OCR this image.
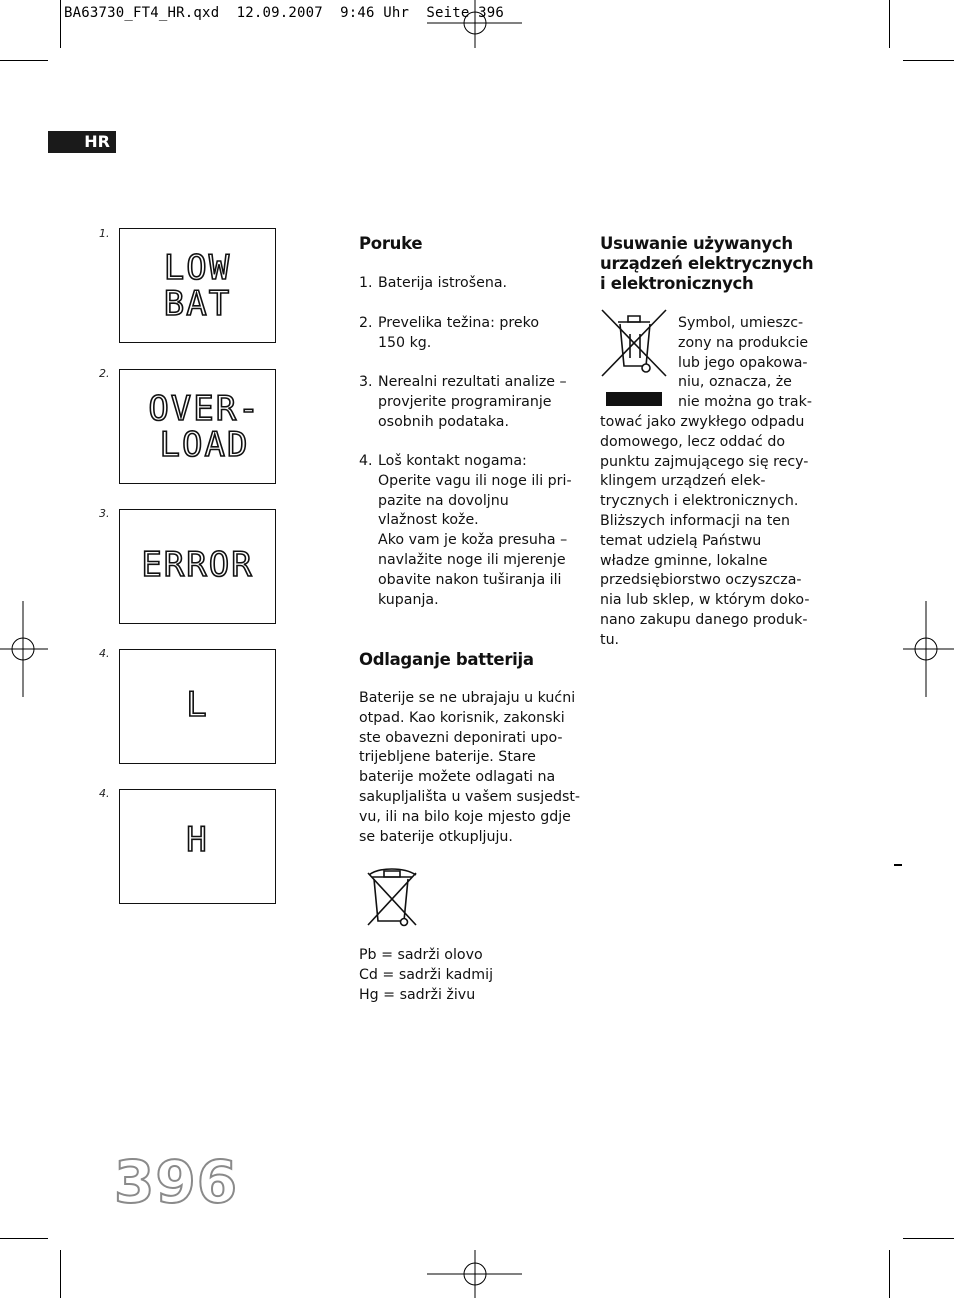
BA63730_FT4_HR.qxd  12.09.2007  9:46 Uhr  Seite 396
HR
1.
LOW
BAT
2.
OVER-
LOAD
3.
ERROR
4.
L
4.
H
Poruke
1. Baterija istrošena.
2. Prevelika težina: preko
150 kg.
3. Nerealni rezultati analize –
provjerite programiranje
osobnih podataka.
4. Loš kontakt nogama:
Operite vagu ili noge ili pri-
pazite na dovoljnu
vlažnost kože.
Ako vam je koža presuha –
navlažite noge ili mjerenje
obavite nakon tuširanja ili
kupanja.
Odlaganje batterija
Baterije se ne ubrajaju u kućni
otpad. Kao korisnik, zakonski
ste obavezni deponirati upo-
trijebljene baterije. Stare
baterije možete odlagati na
sakupljališta u vašem susjedst-
vu, ili na bilo koje mjesto gdje
se baterije otkupljuju.
Pb = sadrži olovo
Cd = sadrži kadmij
Hg = sadrži živu
Usuwanie używanych
urządzeń elektrycznych
i elektronicznych
Symbol, umieszc-
zony na produkcie
lub jego opakowa-
niu, oznacza, że
nie można go trak-
tować jako zwykłego odpadu
domowego, lecz oddać do
punktu zajmującego się recy-
klingem urządzeń elek-
trycznych i elektronicznych.
Bliższych informacji na ten
temat udzielą Państwu
władze gminne, lokalne
przedsiębiorstwo oczyszcza-
nia lub sklep, w którym doko-
nano zakupu danego produk-
tu.
396
